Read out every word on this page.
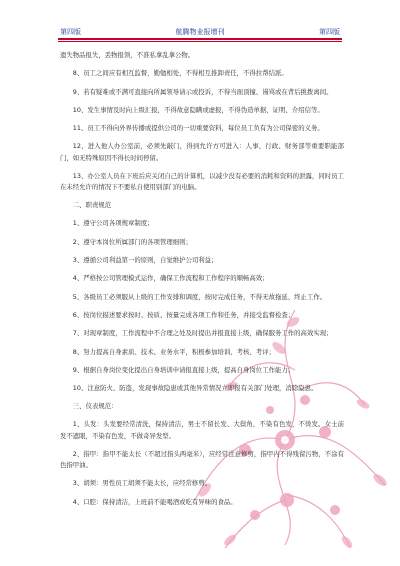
第四版	航腾物业报增刊	第四版

遗失物品报失，丢物报领，不准私拿乱拿公物。

8、员工之间应有相互监督，勤勉相处，不得相互推卸责任，不得拉帮结派。

9、若有疑难或不满可直接向所属领导请示或投诉，不得当面顶撞、谩骂或在背后挑拨离间。

10、发生事情及时向上级汇报，不得故意隐瞒或虚报，不得伪造单据、证明、介绍信等。

11、员工不得向外界传播或提供公司的一切重要资料，每位员工负有为公司保密的义务。

12、进入他人办公室前，必须先敲门，得到允许方可进入：人事、行政、财务部等重要职能部门，如无特殊原因不得长时间停留。

13、办公室人员在下班后应关闭自己的计算机，以减少没有必要的消耗和资料的泄露，同时员工在未经允许的情况下不要私自使用别部门的电脑。

二、职责规范

1、遵守公司各项规章制度；

2、遵守本岗位所属部门的各项管理细则；

3、遵循公司利益第一的原则，自觉维护公司利益；

4、严格按公司管理模式运作，确保工作流程和工作程序的顺畅高效；

5、各级员工必须服从上级的工作安排和调度，按时完成任务，不得无故拖延、终止工作。

6、按岗位描述要求按时、按质、按量完成各项工作和任务，并接受监督检查；

7、对现章制度，工作流程中不合理之处及时提出并报直接上级，确保服务工作的高效实现；

8、努力提高自身素质、技术、业务水平，积极参加培训、考核、考评；

9、根据自身岗位变化提出自身培训申请报直接上级，提高自身岗位工作能力；

10、注意防火、防盗，发现事故隐患或其他异常情况立即报有关部门处理，消除隐患。

三、仪表规范：

1、头发：头发要经常清洗，保持清洁，男士不留长发、大鬓角，不染有色发，不烫发。女士前发不遮眼，不染有色发，不做奇异发型。

2、指甲：指甲不能太长（不超过指头两毫米），应经常注意修剪，指甲内不得残留污物，不涂有色指甲油。

3、胡须：男性员工胡须不能太长，应经常修剪。

4、口腔：保持清洁，上班前不能喝酒或吃有异味的食品。
